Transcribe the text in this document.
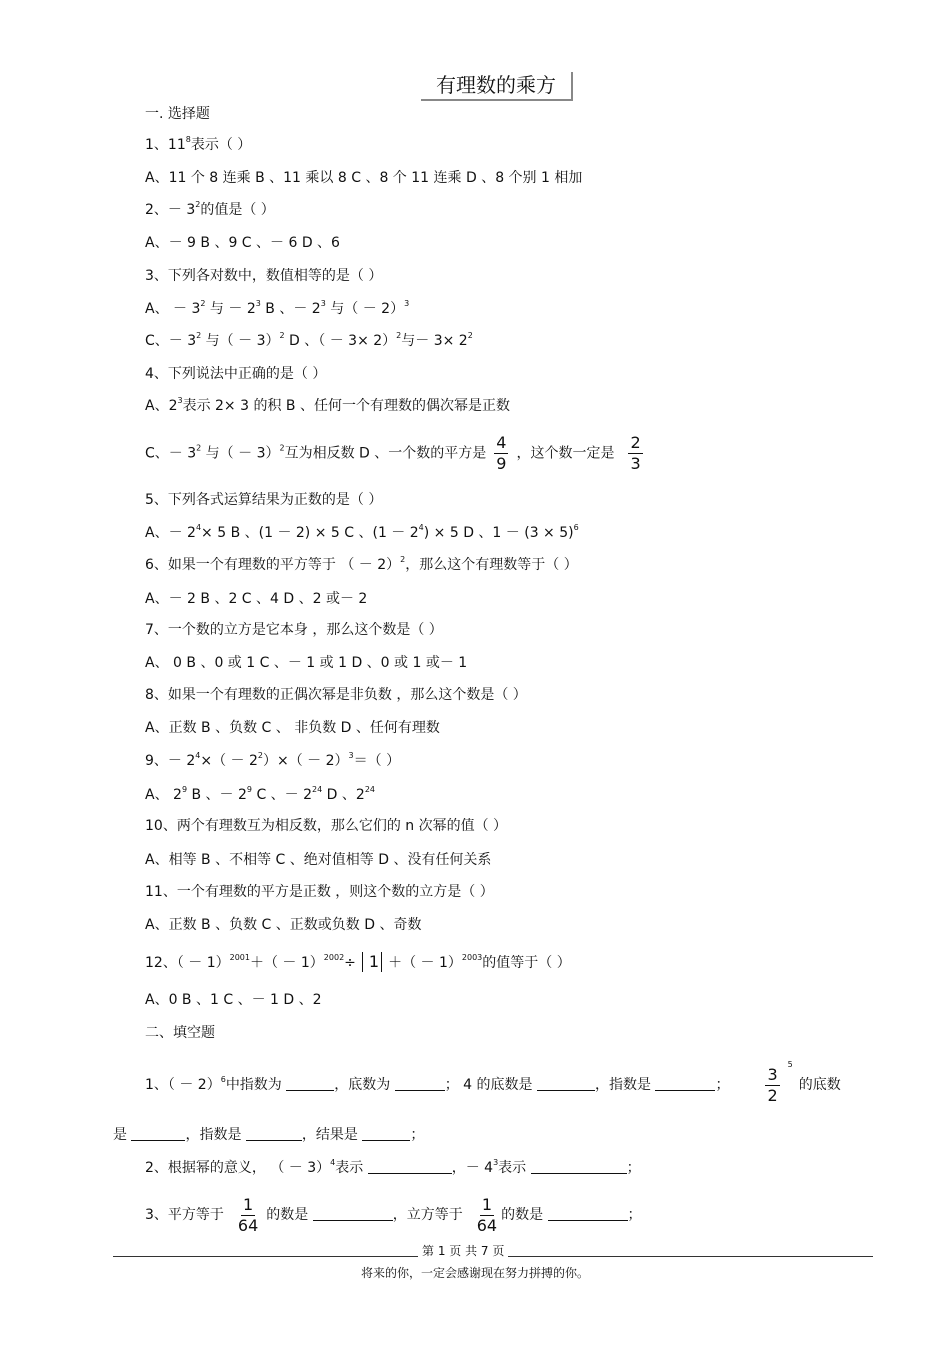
有理数的乘方
一. 选择题
1、$11^8$表示（ ）
A、11 个 8 连乘 B 、11 乘以 8 C 、8 个 11 连乘 D 、8 个别 1 相加
2、－ $3^2$的值是（ ）
A、－ 9 B 、9 C 、－ 6 D 、6
3、下列各对数中，数值相等的是（ ）
A、 － $3^2$ 与 － $2^3$ B 、－ $2^3$ 与（ － 2）$^3$
C、－ $3^2$ 与（ － 3）$^2$ D 、（ － 3× 2）$^2$与－ $3\times 2^2$
4、下列说法中正确的是（ ）
A、$2^3$表示 2× 3 的积 B 、任何一个有理数的偶次幂是正数
C、－ $3^2$ 与（ － 3）$^2$互为相反数 D 、一个数的平方是 $\frac{4}{9}$ ，这个数一定是 $\frac{2}{3}$
5、下列各式运算结果为正数的是（ ）
A、－ $2^4\times 5$ B 、(1 － 2) × 5 C 、$(1 - 2^4) \times 5$ D 、$1 - (3 \times 5)^6$
6、如果一个有理数的平方等于 （ － 2）$^2$，那么这个有理数等于（ ）
A、－ 2 B 、2 C 、4 D 、2 或－ 2
7、一个数的立方是它本身 ，那么这个数是（ ）
A、 0 B 、0 或 1 C 、－ 1 或 1 D 、0 或 1 或－ 1
8、如果一个有理数的正偶次幂是非负数 ，那么这个数是（ ）
A、正数 B 、负数 C 、 非负数 D 、任何有理数
9、－ $2^4\times( - 2^2)\times( - 2)^3=$（ ）
A、 $2^9$ B 、－ $2^9$ C 、－ $2^{24}$ D 、$2^{24}$
10、两个有理数互为相反数，那么它们的 n 次幂的值（ ）
A、相等 B 、不相等 C 、绝对值相等 D 、没有任何关系
11、一个有理数的平方是正数 ，则这个数的立方是（ ）
A、正数 B 、负数 C 、正数或负数 D 、奇数
12、（ － $1)^{2001}+( - 1)^{2002}\div 1$ ＋（ － 1）$^{2003}$的值等于（ ）
A、0 B 、1 C 、－ 1 D 、2
二、填空题
1、（ － 2）$^6$中指数为	，底数为	； 4 的底数是	，指数是	； $\frac{3}{2} ^5$的底数
是	，指数是	，结果是	；
2、根据幂的意义， （ － 3）$^4$表示	，－ $4^3$表示	；
3、平方等于 $\frac{1}{64}$ 的数是	，立方等于 $\frac{1}{64}$ 的数是	；
第 1 页 共 7 页
将来的你，一定会感谢现在努力拼搏的你。
